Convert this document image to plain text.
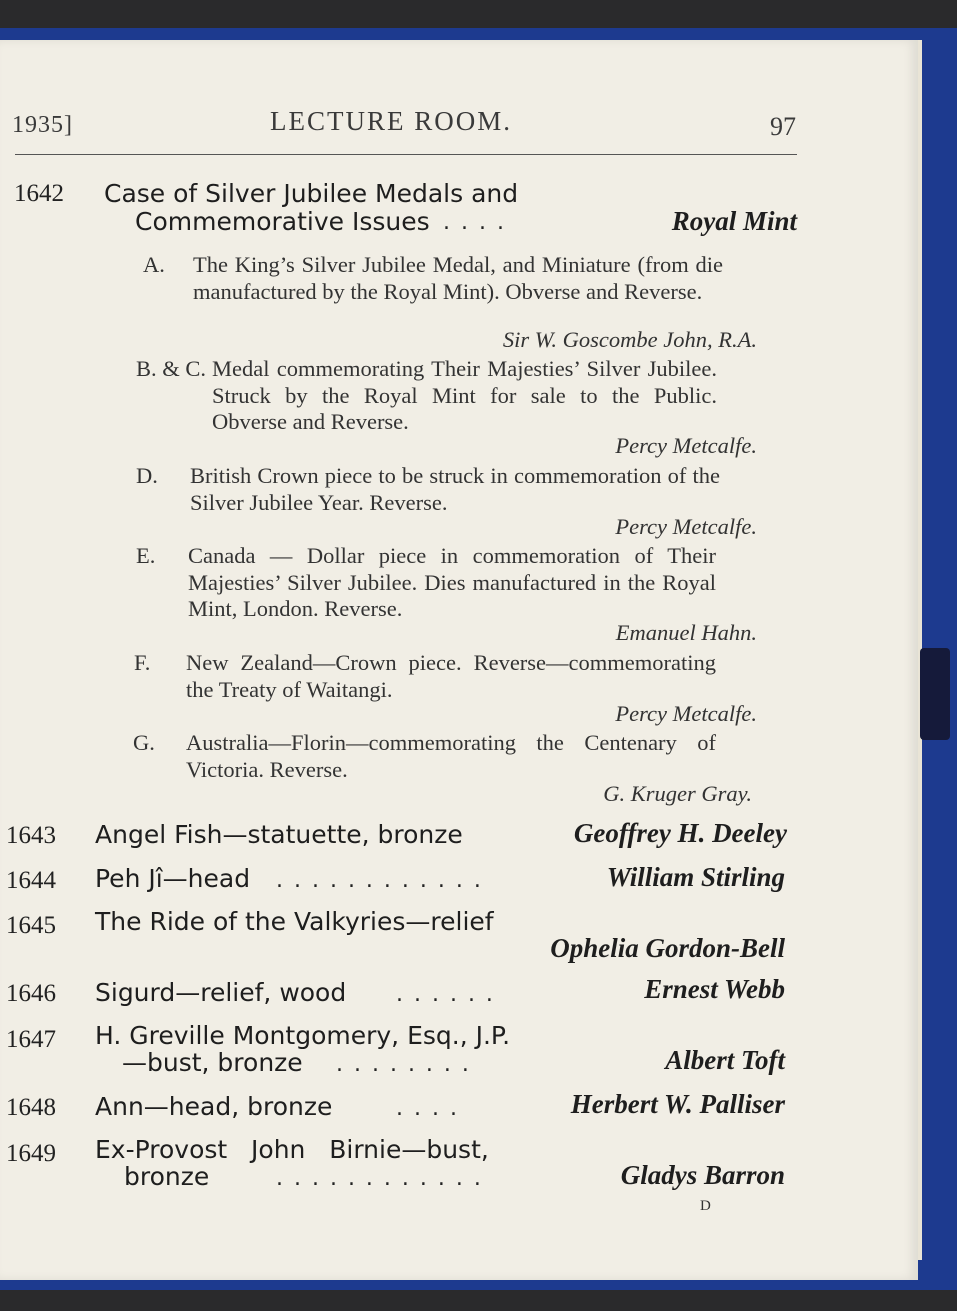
1935]	LECTURE ROOM.	97
1642 Case of Silver Jubilee Medals and
Commemorative Issues . . . .	Royal Mint
A. The King’s Silver Jubilee Medal, and Miniature (from die manufactured by the Royal Mint). Obverse and Reverse.
Sir W. Goscombe John, R.A.
B. & C. Medal commemorating Their Majesties’ Silver Jubilee. Struck by the Royal Mint for sale to the Public. Obverse and Reverse.
Percy Metcalfe.
D. British Crown piece to be struck in commemoration of the Silver Jubilee Year. Reverse.
Percy Metcalfe.
E. Canada — Dollar piece in commemoration of Their Majesties’ Silver Jubilee. Dies manufactured in the Royal Mint, London. Reverse.
Emanuel Hahn.
F. New Zealand—Crown piece. Reverse—commemorating the Treaty of Waitangi.
Percy Metcalfe.
G. Australia—Florin—commemorating the Centenary of Victoria. Reverse.
G. Kruger Gray.
1643 Angel Fish—statuette, bronze	Geoffrey H. Deeley
1644 Peh Jî—head . . . . . . . . . . . .	William Stirling
1645 The Ride of the Valkyries—relief
Ophelia Gordon-Bell
1646 Sigurd—relief, wood . . . . . .	Ernest Webb
1647 H. Greville Montgomery, Esq., J.P.
—bust, bronze . . . . . . . .	Albert Toft
1648 Ann—head, bronze	. . . .	Herbert W. Palliser
1649 Ex-Provost   John   Birnie—bust,
bronze	. . . . . . . . . . . .	Gladys Barron
D
